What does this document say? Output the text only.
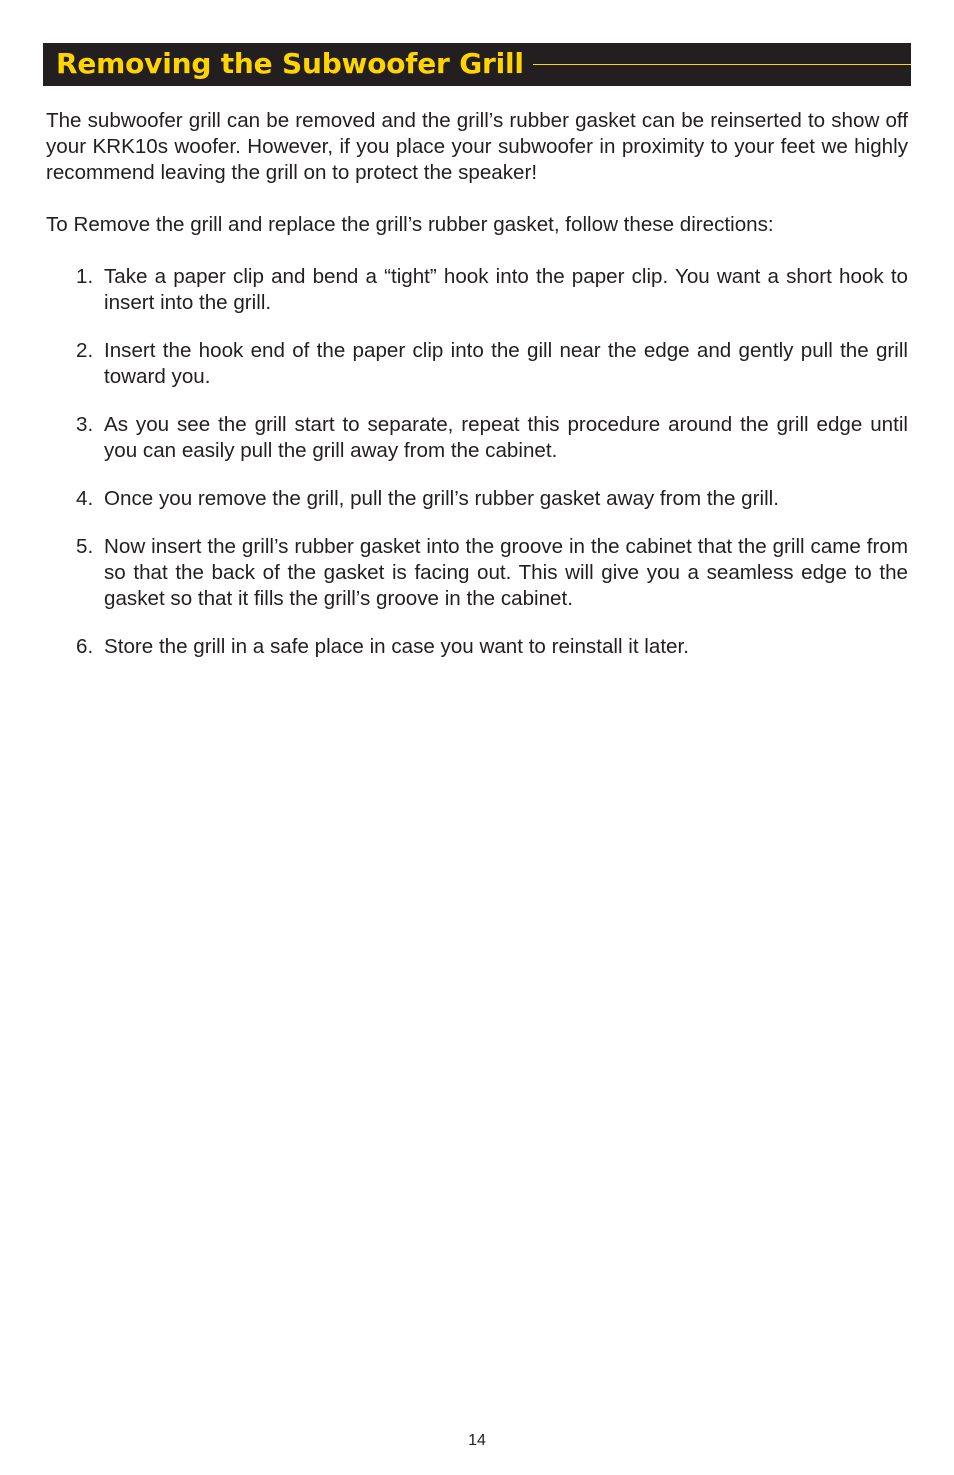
Removing the Subwoofer Grill

The subwoofer grill can be removed and the grill’s rubber gasket can be reinserted to show off your KRK10s woofer. However, if you place your subwoofer in proximity to your feet we highly recommend leaving the grill on to protect the speaker!

To Remove the grill and replace the grill’s rubber gasket, follow these directions:

1. Take a paper clip and bend a “tight” hook into the paper clip. You want a short hook to insert into the grill.
2. Insert the hook end of the paper clip into the gill near the edge and gently pull the grill toward you.
3. As you see the grill start to separate, repeat this procedure around the grill edge until you can easily pull the grill away from the cabinet.
4. Once you remove the grill, pull the grill’s rubber gasket away from the grill.
5. Now insert the grill’s rubber gasket into the groove in the cabinet that the grill came from so that the back of the gasket is facing out. This will give you a seamless edge to the gasket so that it fills the grill’s groove in the cabinet.
6. Store the grill in a safe place in case you want to reinstall it later.
14
